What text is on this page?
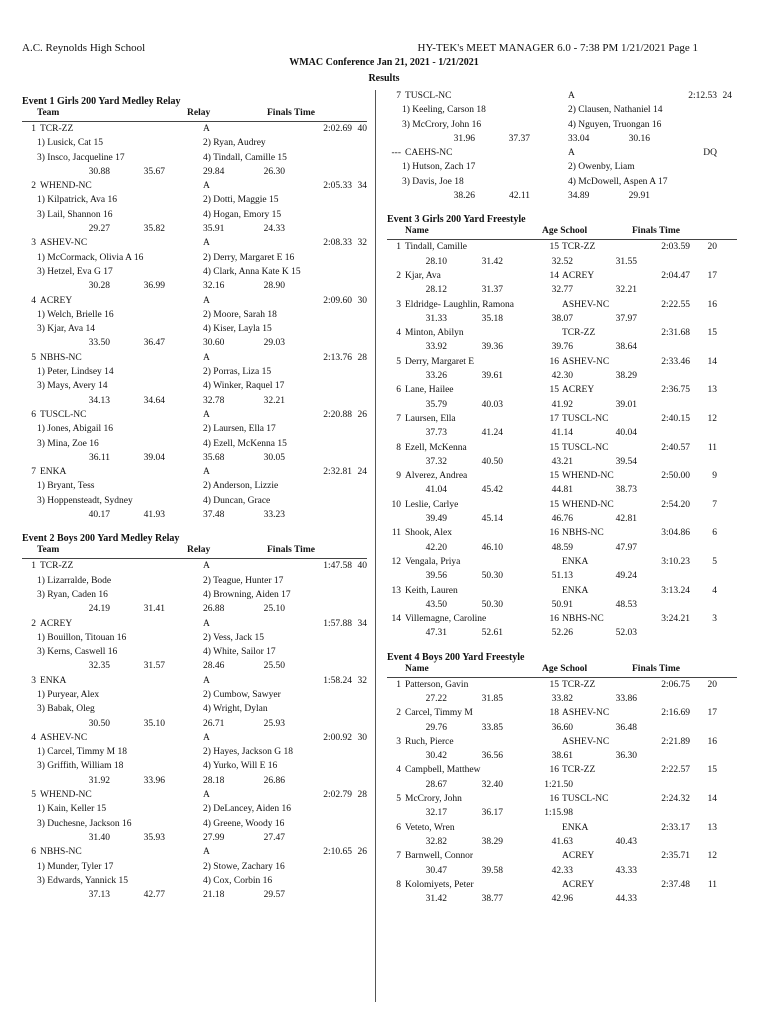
A.C. Reynolds High School	HY-TEK's MEET MANAGER 6.0 - 7:38 PM 1/21/2021 Page 1
WMAC Conference Jan 21, 2021 - 1/21/2021
Results
Event 1 Girls 200 Yard Medley Relay
Team	Relay	Finals Time
1 TCR-ZZ	A	2:02.69 40
1) Lusick, Cat 15	2) Ryan, Audrey
3) Insco, Jacqueline 17	4) Tindall, Camille 15
30.88	35.67	29.84	26.30
2 WHEND-NC	A	2:05.33 34
1) Kilpatrick, Ava 16	2) Dotti, Maggie 15
3) Lail, Shannon 16	4) Hogan, Emory 15
29.27	35.82	35.91	24.33
3 ASHEV-NC	A	2:08.33 32
1) McCormack, Olivia A 16	2) Derry, Margaret E 16
3) Hetzel, Eva G 17	4) Clark, Anna Kate K 15
30.28	36.99	32.16	28.90
4 ACREY	A	2:09.60 30
1) Welch, Brielle 16	2) Moore, Sarah 18
3) Kjar, Ava 14	4) Kiser, Layla 15
33.50	36.47	30.60	29.03
5 NBHS-NC	A	2:13.76 28
1) Peter, Lindsey 14	2) Porras, Liza 15
3) Mays, Avery 14	4) Winker, Raquel 17
34.13	34.64	32.78	32.21
6 TUSCL-NC	A	2:20.88 26
1) Jones, Abigail 16	2) Laursen, Ella 17
3) Mina, Zoe 16	4) Ezell, McKenna 15
36.11	39.04	35.68	30.05
7 ENKA	A	2:32.81 24
1) Bryant, Tess	2) Anderson, Lizzie
3) Hoppensteadt, Sydney	4) Duncan, Grace
40.17	41.93	37.48	33.23
Event 2 Boys 200 Yard Medley Relay
Team	Relay	Finals Time
1 TCR-ZZ	A	1:47.58 40
1) Lizarralde, Bode	2) Teague, Hunter 17
3) Ryan, Caden 16	4) Browning, Aiden 17
24.19	31.41	26.88	25.10
2 ACREY	A	1:57.88 34
1) Bouillon, Titouan 16	2) Vess, Jack 15
3) Kerns, Caswell 16	4) White, Sailor 17
32.35	31.57	28.46	25.50
3 ENKA	A	1:58.24 32
1) Puryear, Alex	2) Cumbow, Sawyer
3) Babak, Oleg	4) Wright, Dylan
30.50	35.10	26.71	25.93
4 ASHEV-NC	A	2:00.92 30
1) Carcel, Timmy M 18	2) Hayes, Jackson G 18
3) Griffith, William 18	4) Yurko, Will E 16
31.92	33.96	28.18	26.86
5 WHEND-NC	A	2:02.79 28
1) Kain, Keller 15	2) DeLancey, Aiden 16
3) Duchesne, Jackson 16	4) Greene, Woody 16
31.40	35.93	27.99	27.47
6 NBHS-NC	A	2:10.65 26
1) Munder, Tyler 17	2) Stowe, Zachary 16
3) Edwards, Yannick 15	4) Cox, Corbin 16
37.13	42.77	21.18	29.57
7 TUSCL-NC	A	2:12.53 24
1) Keeling, Carson 18	2) Clausen, Nathaniel 14
3) McCrory, John 16	4) Nguyen, Truongan 16
31.96	37.37	33.04	30.16
--- CAEHS-NC	A	DQ
1) Hutson, Zach 17	2) Owenby, Liam
3) Davis, Joe 18	4) McDowell, Aspen A 17
38.26	42.11	34.89	29.91
Event 3 Girls 200 Yard Freestyle
Name	Age School	Finals Time
1 Tindall, Camille	15 TCR-ZZ	2:03.59 20
28.10	31.42	32.52	31.55
2 Kjar, Ava	14 ACREY	2:04.47 17
28.12	31.37	32.77	32.21
3 Eldridge- Laughlin, Ramona	ASHEV-NC	2:22.55 16
31.33	35.18	38.07	37.97
4 Minton, Abilyn	TCR-ZZ	2:31.68 15
33.92	39.36	39.76	38.64
5 Derry, Margaret E	16 ASHEV-NC	2:33.46 14
33.26	39.61	42.30	38.29
6 Lane, Hailee	15 ACREY	2:36.75 13
35.79	40.03	41.92	39.01
7 Laursen, Ella	17 TUSCL-NC	2:40.15 12
37.73	41.24	41.14	40.04
8 Ezell, McKenna	15 TUSCL-NC	2:40.57 11
37.32	40.50	43.21	39.54
9 Alverez, Andrea	15 WHEND-NC	2:50.00 9
41.04	45.42	44.81	38.73
10 Leslie, Carlye	15 WHEND-NC	2:54.20 7
39.49	45.14	46.76	42.81
11 Shook, Alex	16 NBHS-NC	3:04.86 6
42.20	46.10	48.59	47.97
12 Vengala, Priya	ENKA	3:10.23 5
39.56	50.30	51.13	49.24
13 Keith, Lauren	ENKA	3:13.24 4
43.50	50.30	50.91	48.53
14 Villemagne, Caroline	16 NBHS-NC	3:24.21 3
47.31	52.61	52.26	52.03
Event 4 Boys 200 Yard Freestyle
Name	Age School	Finals Time
1 Patterson, Gavin	15 TCR-ZZ	2:06.75 20
27.22	31.85	33.82	33.86
2 Carcel, Timmy M	18 ASHEV-NC	2:16.69 17
29.76	33.85	36.60	36.48
3 Ruch, Pierce	ASHEV-NC	2:21.89 16
30.42	36.56	38.61	36.30
4 Campbell, Matthew	16 TCR-ZZ	2:22.57 15
28.67	32.40	1:21.50
5 McCrory, John	16 TUSCL-NC	2:24.32 14
32.17	36.17	1:15.98
6 Veteto, Wren	ENKA	2:33.17 13
32.82	38.29	41.63	40.43
7 Barnwell, Connor	ACREY	2:35.71 12
30.47	39.58	42.33	43.33
8 Kolomiyets, Peter	ACREY	2:37.48 11
31.42	38.77	42.96	44.33
